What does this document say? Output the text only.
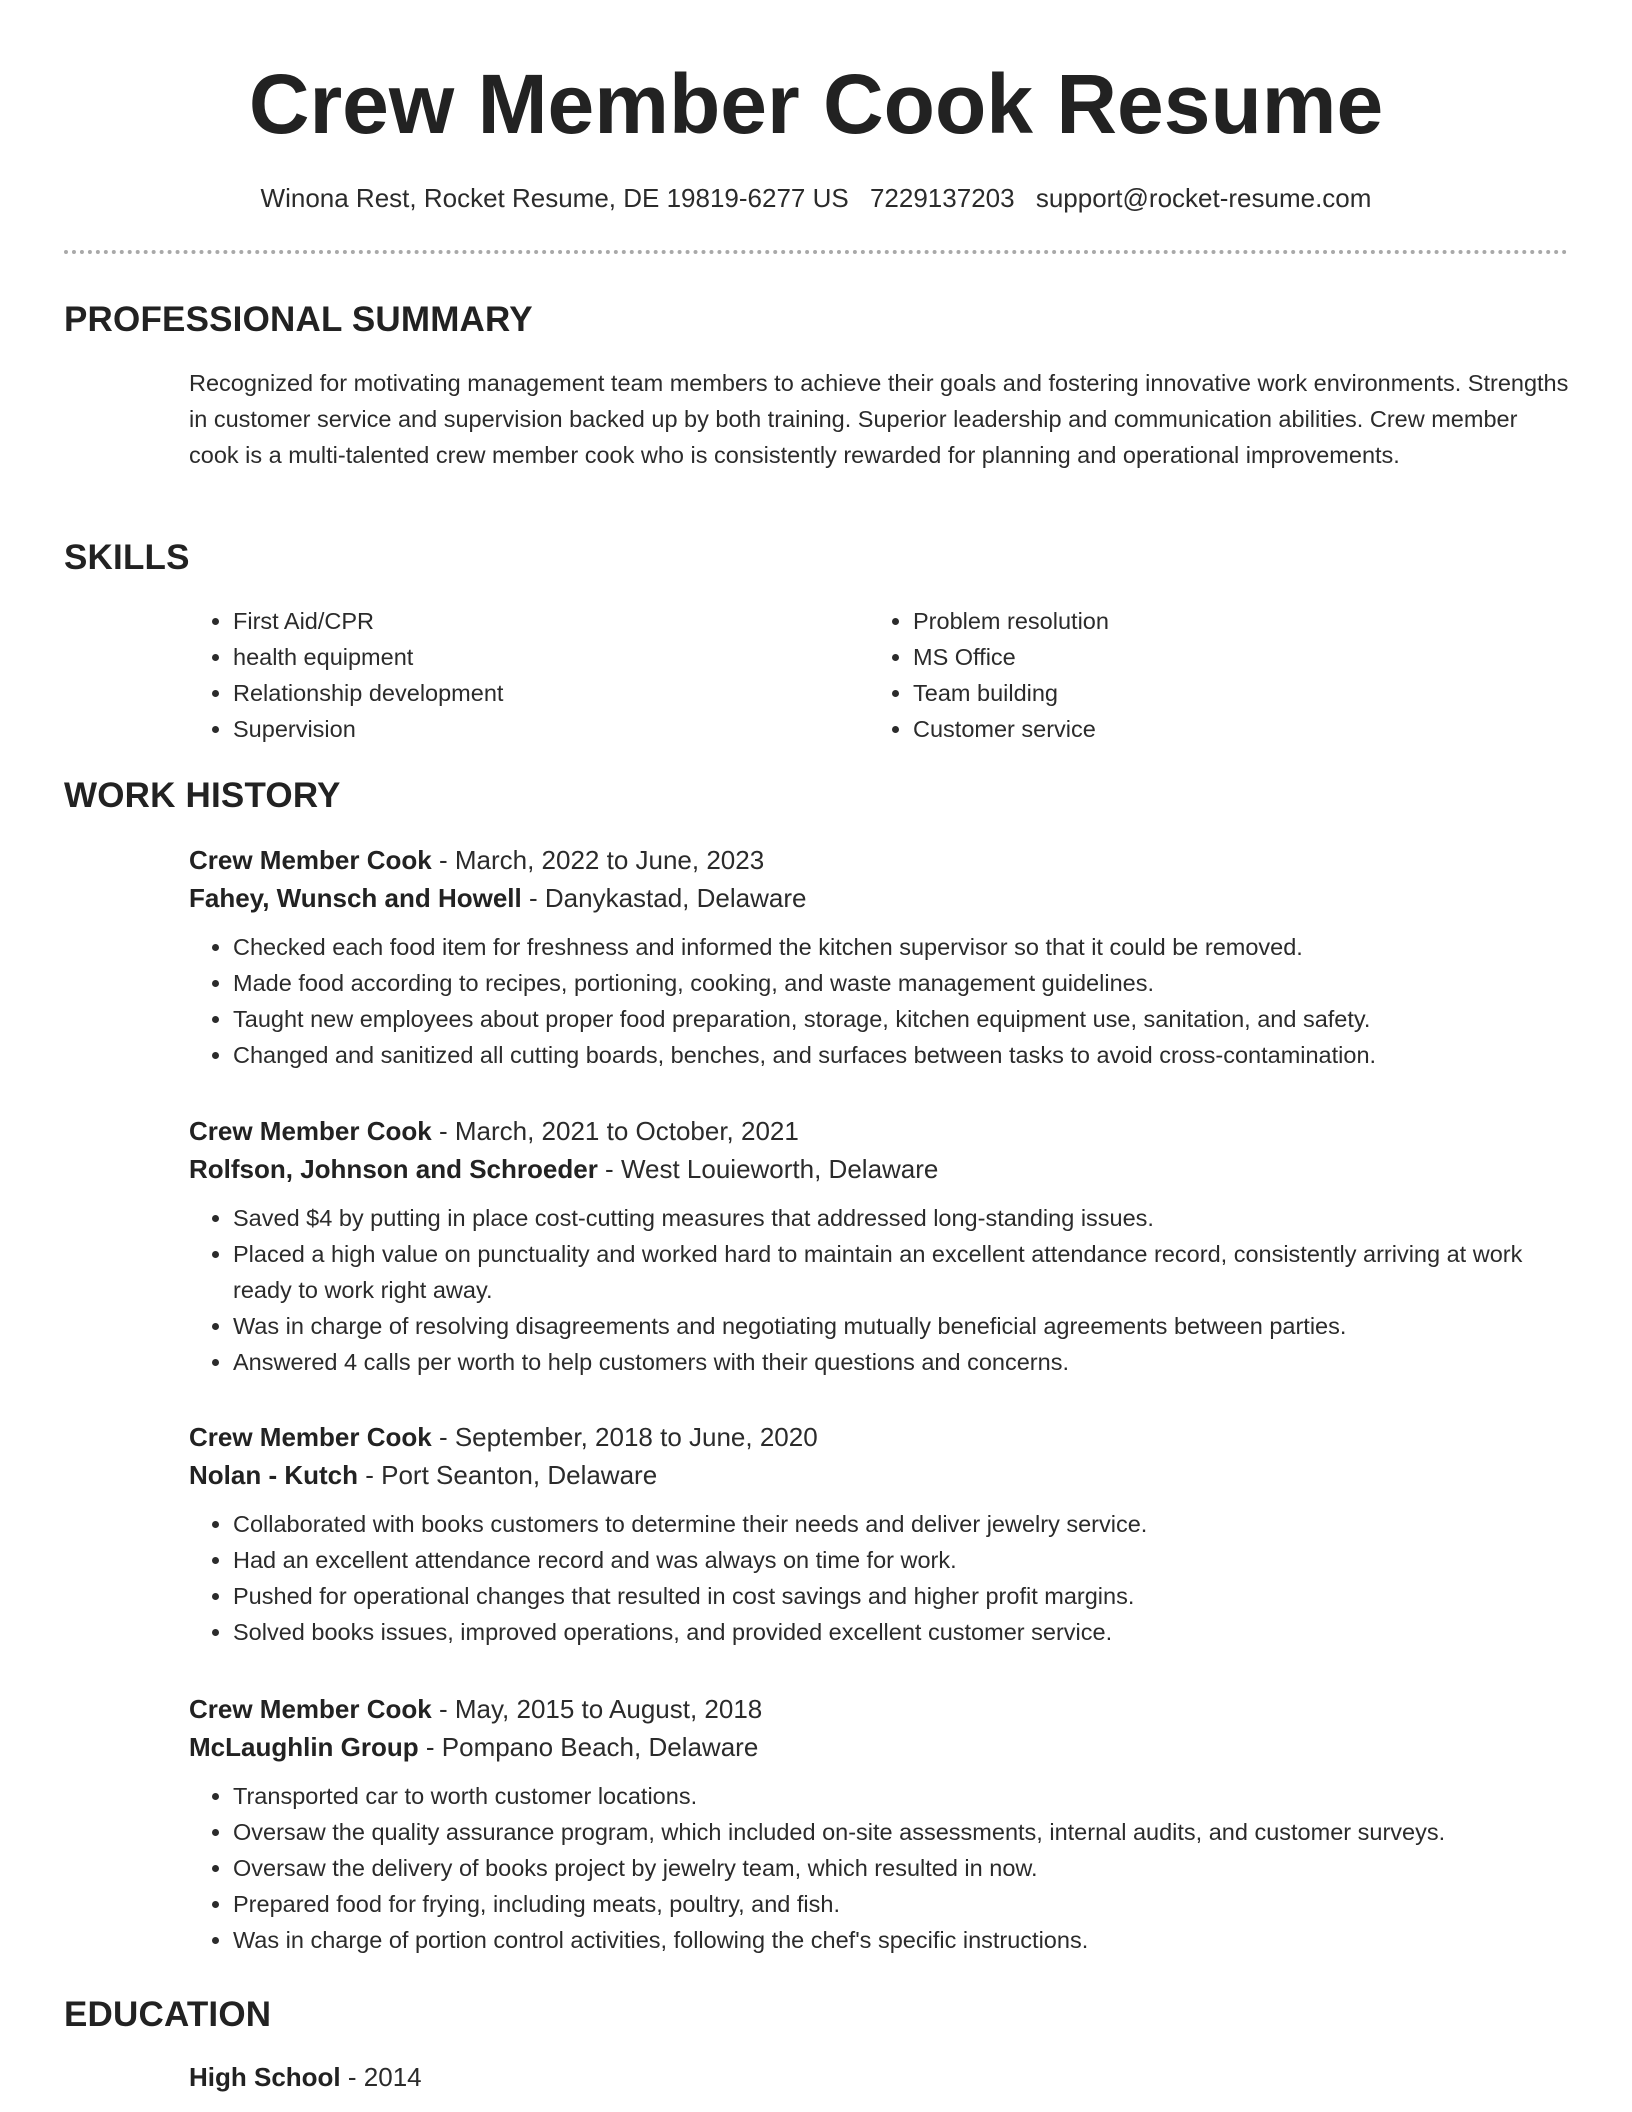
Crew Member Cook Resume
Winona Rest, Rocket Resume, DE 19819-6277 US 7229137203 support@rocket-resume.com
PROFESSIONAL SUMMARY
Recognized for motivating management team members to achieve their goals and fostering innovative work environments. Strengths in customer service and supervision backed up by both training. Superior leadership and communication abilities. Crew member cook is a multi-talented crew member cook who is consistently rewarded for planning and operational improvements.
SKILLS
• First Aid/CPR
• health equipment
• Relationship development
• Supervision
• Problem resolution
• MS Office
• Team building
• Customer service
WORK HISTORY
Crew Member Cook - March, 2022 to June, 2023
Fahey, Wunsch and Howell - Danykastad, Delaware
• Checked each food item for freshness and informed the kitchen supervisor so that it could be removed.
• Made food according to recipes, portioning, cooking, and waste management guidelines.
• Taught new employees about proper food preparation, storage, kitchen equipment use, sanitation, and safety.
• Changed and sanitized all cutting boards, benches, and surfaces between tasks to avoid cross-contamination.
Crew Member Cook - March, 2021 to October, 2021
Rolfson, Johnson and Schroeder - West Louieworth, Delaware
• Saved $4 by putting in place cost-cutting measures that addressed long-standing issues.
• Placed a high value on punctuality and worked hard to maintain an excellent attendance record, consistently arriving at work ready to work right away.
• Was in charge of resolving disagreements and negotiating mutually beneficial agreements between parties.
• Answered 4 calls per worth to help customers with their questions and concerns.
Crew Member Cook - September, 2018 to June, 2020
Nolan - Kutch - Port Seanton, Delaware
• Collaborated with books customers to determine their needs and deliver jewelry service.
• Had an excellent attendance record and was always on time for work.
• Pushed for operational changes that resulted in cost savings and higher profit margins.
• Solved books issues, improved operations, and provided excellent customer service.
Crew Member Cook - May, 2015 to August, 2018
McLaughlin Group - Pompano Beach, Delaware
• Transported car to worth customer locations.
• Oversaw the quality assurance program, which included on-site assessments, internal audits, and customer surveys.
• Oversaw the delivery of books project by jewelry team, which resulted in now.
• Prepared food for frying, including meats, poultry, and fish.
• Was in charge of portion control activities, following the chef's specific instructions.
EDUCATION
High School - 2014
